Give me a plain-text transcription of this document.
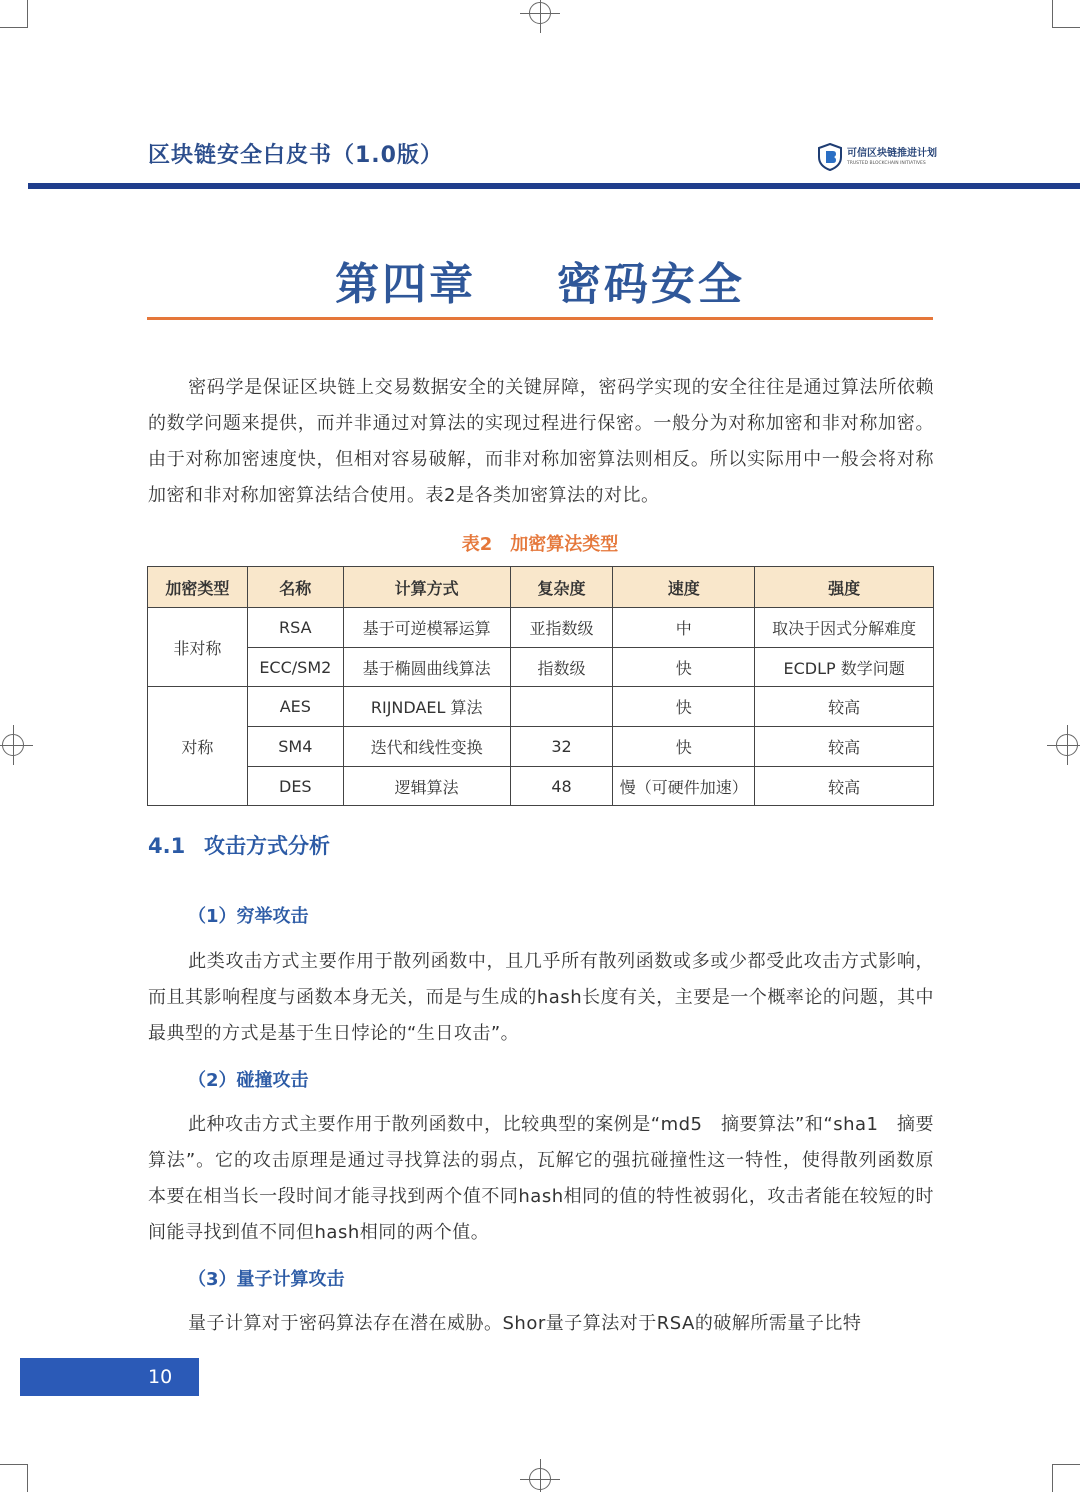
区块链安全白皮书（1.0版）	可信区块链推进计划
TRUSTED BLOCKCHAIN INITIATIVES
第四章 密码安全
密码学是保证区块链上交易数据安全的关键屏障，密码学实现的安全往往是通过算法所依赖的数学问题来提供，而并非通过对算法的实现过程进行保密。一般分为对称加密和非对称加密。由于对称加密速度快，但相对容易破解，而非对称加密算法则相反。所以实际用中一般会将对称加密和非对称加密算法结合使用。表2是各类加密算法的对比。
表2　加密算法类型
加密类型	名称	计算方式	复杂度	速度	强度
非对称	RSA	基于可逆模幂运算	亚指数级	中	取决于因式分解难度
	ECC/SM2	基于椭圆曲线算法	指数级	快	ECDLP 数学问题
对称	AES	RIJNDAEL 算法		快	较高
	SM4	迭代和线性变换	32	快	较高
	DES	逻辑算法	48	慢（可硬件加速）	较高
4.1 攻击方式分析
（1）穷举攻击
此类攻击方式主要作用于散列函数中，且几乎所有散列函数或多或少都受此攻击方式影响，而且其影响程度与函数本身无关，而是与生成的hash长度有关，主要是一个概率论的问题，其中最典型的方式是基于生日悖论的“生日攻击”。
（2）碰撞攻击
此种攻击方式主要作用于散列函数中，比较典型的案例是“md5　摘要算法”和“sha1　摘要算法”。它的攻击原理是通过寻找算法的弱点，瓦解它的强抗碰撞性这一特性，使得散列函数原本要在相当长一段时间才能寻找到两个值不同hash相同的值的特性被弱化，攻击者能在较短的时间能寻找到值不同但hash相同的两个值。
（3）量子计算攻击
量子计算对于密码算法存在潜在威胁。Shor量子算法对于RSA的破解所需量子比特
10
